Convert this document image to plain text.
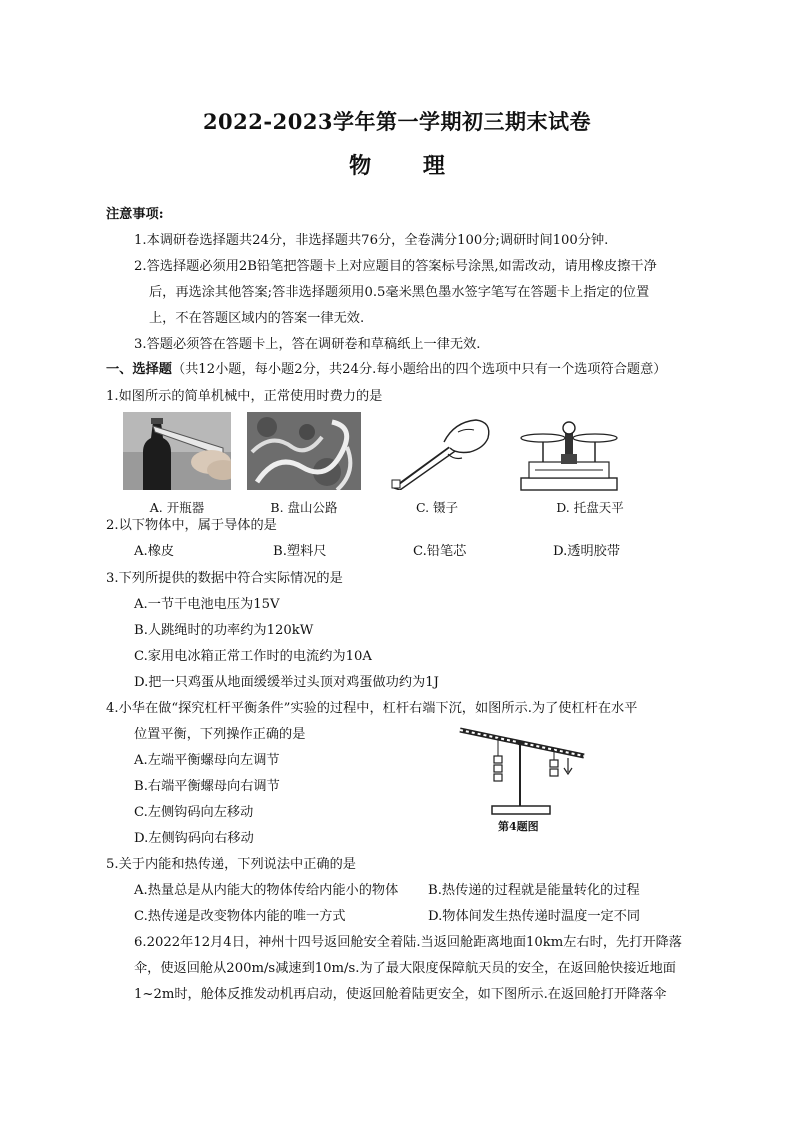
2022-2023学年第一学期初三期末试卷
物 理
注意事项:
1.本调研卷选择题共24分，非选择题共76分，全卷满分100分;调研时间100分钟.
2.答选择题必须用2B铅笔把答题卡上对应题目的答案标号涂黑,如需改动，请用橡皮擦干净
后，再选涂其他答案;答非选择题须用0.5毫米黑色墨水签字笔写在答题卡上指定的位置
上，不在答题区域内的答案一律无效.
3.答题必须答在答题卡上，答在调研卷和草稿纸上一律无效.
一、选择题（共12小题，每小题2分，共24分.每小题给出的四个选项中只有一个选项符合题意）
1.如图所示的简单机械中，正常使用时费力的是
A. 开瓶器	B. 盘山公路	C. 镊子	D. 托盘天平
2.以下物体中，属于导体的是
A.橡皮	B.塑料尺	C.铅笔芯	D.透明胶带
3.下列所提供的数据中符合实际情况的是
A.一节干电池电压为15V
B.人跳绳时的功率约为120kW
C.家用电冰箱正常工作时的电流约为10A
D.把一只鸡蛋从地面缓缓举过头顶对鸡蛋做功约为1J
4.小华在做“探究杠杆平衡条件”实验的过程中，杠杆右端下沉，如图所示.为了使杠杆在水平
位置平衡，下列操作正确的是
A.左端平衡螺母向左调节
B.右端平衡螺母向右调节
C.左侧钩码向左移动
D.左侧钩码向右移动
第4题图
5.关于内能和热传递，下列说法中正确的是
A.热量总是从内能大的物体传给内能小的物体 B.热传递的过程就是能量转化的过程
C.热传递是改变物体内能的唯一方式	D.物体间发生热传递时温度一定不同
6.2022年12月4日，神州十四号返回舱安全着陆.当返回舱距离地面10km左右时，先打开降落
伞，使返回舱从200m/s减速到10m/s.为了最大限度保障航天员的安全，在返回舱快接近地面
1~2m时，舱体反推发动机再启动，使返回舱着陆更安全，如下图所示.在返回舱打开降落伞
